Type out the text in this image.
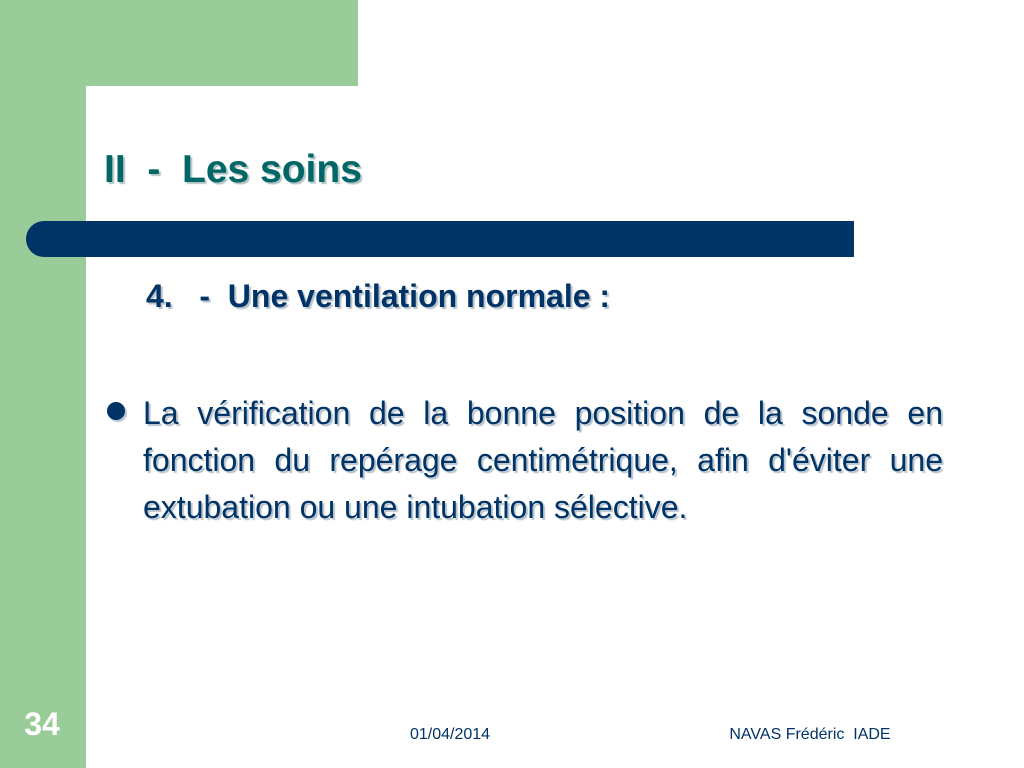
II  -  Les soins

4.   -  Une ventilation normale :

La vérification de la bonne position de la sonde en fonction du repérage centimétrique, afin d'éviter une extubation ou une intubation sélective.

34	01/04/2014	NAVAS Frédéric  IADE
